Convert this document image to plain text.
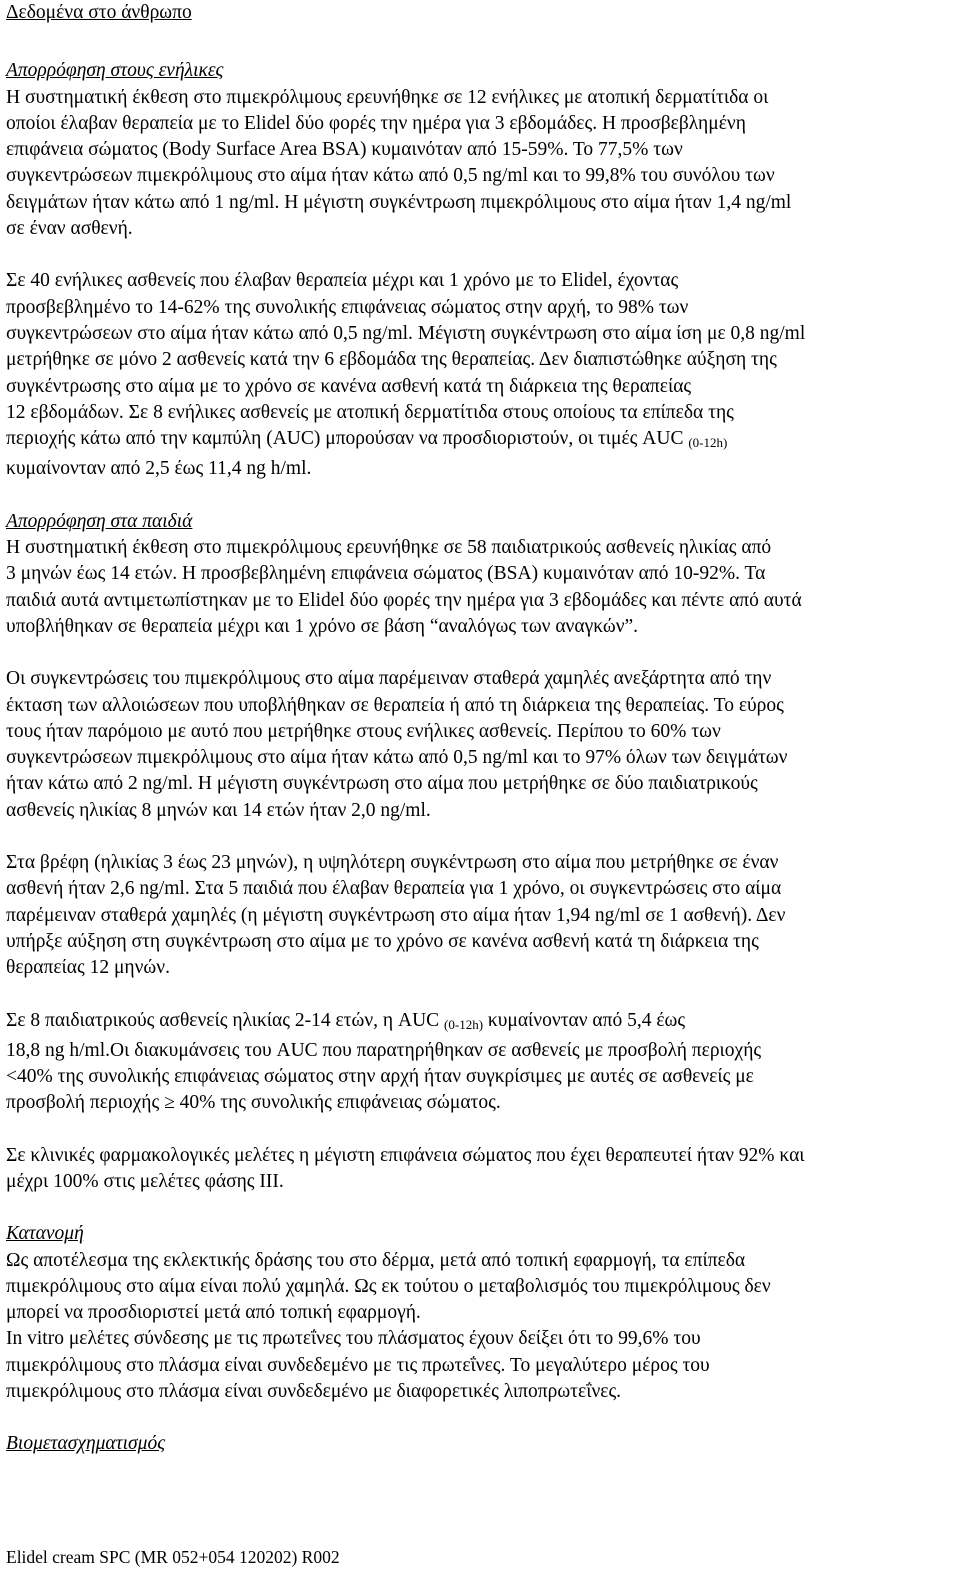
Δεδομένα στο άνθρωπο

Απορρόφηση στους ενήλικες

Η συστηματική έκθεση στο πιμεκρόλιμους ερευνήθηκε σε 12 ενήλικες με ατοπική δερματίτιδα οι
οποίοι έλαβαν θεραπεία με το Elidel δύο φορές την ημέρα για 3 εβδομάδες. Η προσβεβλημένη
επιφάνεια σώματος (Body Surface Area BSA) κυμαινόταν από 15-59%. Το 77,5% των
συγκεντρώσεων πιμεκρόλιμους στο αίμα ήταν κάτω από 0,5 ng/ml και το 99,8% του συνόλου των
δειγμάτων ήταν κάτω από 1 ng/ml. Η μέγιστη συγκέντρωση πιμεκρόλιμους στο αίμα ήταν 1,4 ng/ml
σε έναν ασθενή.

Σε 40 ενήλικες ασθενείς που έλαβαν θεραπεία μέχρι και 1 χρόνο με το Elidel, έχοντας
προσβεβλημένο το 14-62% της συνολικής επιφάνειας σώματος στην αρχή, το 98% των
συγκεντρώσεων στο αίμα ήταν κάτω από 0,5 ng/ml. Μέγιστη συγκέντρωση στο αίμα ίση με 0,8 ng/ml
μετρήθηκε σε μόνο 2 ασθενείς κατά την 6 εβδομάδα της θεραπείας. Δεν διαπιστώθηκε αύξηση της
συγκέντρωσης στο αίμα με το χρόνο σε κανένα ασθενή κατά τη διάρκεια της θεραπείας
12 εβδομάδων. Σε 8 ενήλικες ασθενείς με ατοπική δερματίτιδα στους οποίους τα επίπεδα της
περιοχής κάτω από την καμπύλη (AUC) μπορούσαν να προσδιοριστούν, οι τιμές AUC $_{(0-12h)}$
κυμαίνονταν από 2,5 έως 11,4 ng h/ml.

Απορρόφηση στα παιδιά

Η συστηματική έκθεση στο πιμεκρόλιμους ερευνήθηκε σε 58 παιδιατρικούς ασθενείς ηλικίας από
3 μηνών έως 14 ετών. Η προσβεβλημένη επιφάνεια σώματος (BSA) κυμαινόταν από 10-92%. Τα
παιδιά αυτά αντιμετωπίστηκαν με το Elidel δύο φορές την ημέρα για 3 εβδομάδες και πέντε από αυτά
υποβλήθηκαν σε θεραπεία μέχρι και 1 χρόνο σε βάση “αναλόγως των αναγκών”.

Οι συγκεντρώσεις του πιμεκρόλιμους στο αίμα παρέμειναν σταθερά χαμηλές ανεξάρτητα από την
έκταση των αλλοιώσεων που υποβλήθηκαν σε θεραπεία ή από τη διάρκεια της θεραπείας. Το εύρος
τους ήταν παρόμοιο με αυτό που μετρήθηκε στους ενήλικες ασθενείς. Περίπου το 60% των
συγκεντρώσεων πιμεκρόλιμους στο αίμα ήταν κάτω από 0,5 ng/ml και το 97% όλων των δειγμάτων
ήταν κάτω από 2 ng/ml. Η μέγιστη συγκέντρωση στο αίμα που μετρήθηκε σε δύο παιδιατρικούς
ασθενείς ηλικίας 8 μηνών και 14 ετών ήταν 2,0 ng/ml.

Στα βρέφη (ηλικίας 3 έως 23 μηνών), η υψηλότερη συγκέντρωση στο αίμα που μετρήθηκε σε έναν
ασθενή ήταν 2,6 ng/ml. Στα 5 παιδιά που έλαβαν θεραπεία για 1 χρόνο, οι συγκεντρώσεις στο αίμα
παρέμειναν σταθερά χαμηλές (η μέγιστη συγκέντρωση στο αίμα ήταν 1,94 ng/ml σε 1 ασθενή). Δεν
υπήρξε αύξηση στη συγκέντρωση στο αίμα με το χρόνο σε κανένα ασθενή κατά τη διάρκεια της
θεραπείας 12 μηνών.

Σε 8 παιδιατρικούς ασθενείς ηλικίας 2-14 ετών, η AUC $_{(0-12h)}$ κυμαίνονταν από 5,4 έως
18,8 ng h/ml.Οι διακυμάνσεις του AUC που παρατηρήθηκαν σε ασθενείς με προσβολή περιοχής
<40% της συνολικής επιφάνειας σώματος στην αρχή ήταν συγκρίσιμες με αυτές σε ασθενείς με
προσβολή περιοχής ≥ 40% της συνολικής επιφάνειας σώματος.

Σε κλινικές φαρμακολογικές μελέτες η μέγιστη επιφάνεια σώματος που έχει θεραπευτεί ήταν 92% και
μέχρι 100% στις μελέτες φάσης ΙΙΙ.

Κατανομή

Ως αποτέλεσμα της εκλεκτικής δράσης του στο δέρμα, μετά από τοπική εφαρμογή, τα επίπεδα
πιμεκρόλιμους στο αίμα είναι πολύ χαμηλά. Ως εκ τούτου ο μεταβολισμός του πιμεκρόλιμους δεν
μπορεί να προσδιοριστεί μετά από τοπική εφαρμογή.
In vitro μελέτες σύνδεσης με τις πρωτεΐνες του πλάσματος έχουν δείξει ότι το 99,6% του
πιμεκρόλιμους στο πλάσμα είναι συνδεδεμένο με τις πρωτεΐνες. Το μεγαλύτερο μέρος του
πιμεκρόλιμους στο πλάσμα είναι συνδεδεμένο με διαφορετικές λιποπρωτεΐνες.

Βιομετασχηματισμός

Elidel cream SPC (MR 052+054 120202) R002
